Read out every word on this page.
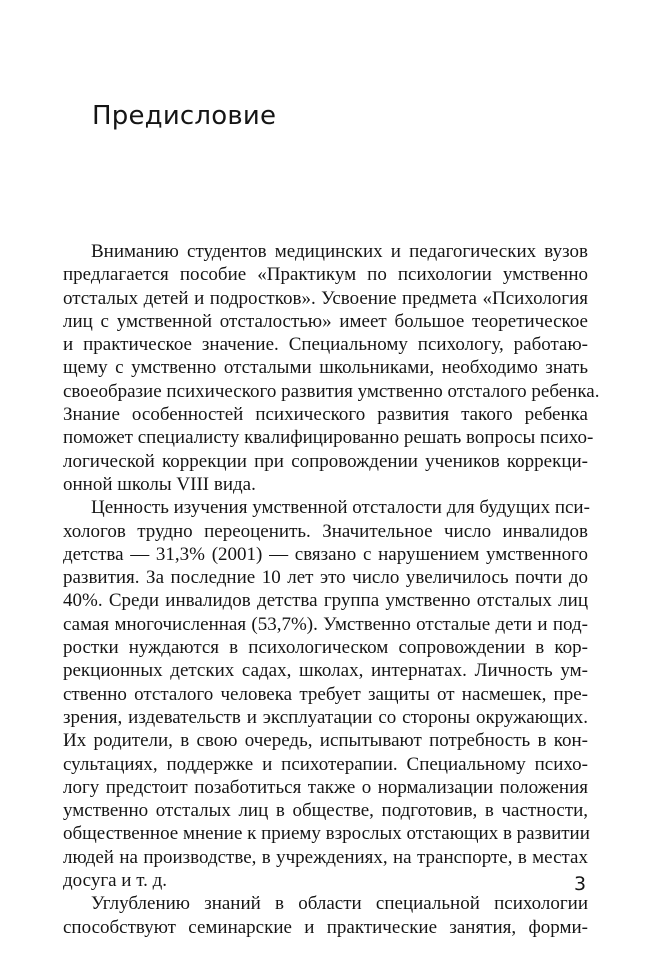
Предисловие
Вниманию студентов медицинских и педагогических вузов
предлагается пособие «Практикум по психологии умственно
отсталых детей и подростков». Усвоение предмета «Психология
лиц с умственной отсталостью» имеет большое теоретическое
и практическое значение. Специальному психологу, работаю-
щему с умственно отсталыми школьниками, необходимо знать
своеобразие психического развития умственно отсталого ребенка.
Знание особенностей психического развития такого ребенка
поможет специалисту квалифицированно решать вопросы психо-
логической коррекции при сопровождении учеников коррекци-
онной школы VIII вида.
Ценность изучения умственной отсталости для будущих пси-
хологов трудно переоценить. Значительное число инвалидов
детства — 31,3% (2001) — связано с нарушением умственного
развития. За последние 10 лет это число увеличилось почти до
40%. Среди инвалидов детства группа умственно отсталых лиц
самая многочисленная (53,7%). Умственно отсталые дети и под-
ростки нуждаются в психологическом сопровождении в кор-
рекционных детских садах, школах, интернатах. Личность ум-
ственно отсталого человека требует защиты от насмешек, пре-
зрения, издевательств и эксплуатации со стороны окружающих.
Их родители, в свою очередь, испытывают потребность в кон-
сультациях, поддержке и психотерапии. Специальному психо-
логу предстоит позаботиться также о нормализации положения
умственно отсталых лиц в обществе, подготовив, в частности,
общественное мнение к приему взрослых отстающих в развитии
людей на производстве, в учреждениях, на транспорте, в местах
досуга и т. д.
Углублению знаний в области специальной психологии
способствуют семинарские и практические занятия, форми-
3
